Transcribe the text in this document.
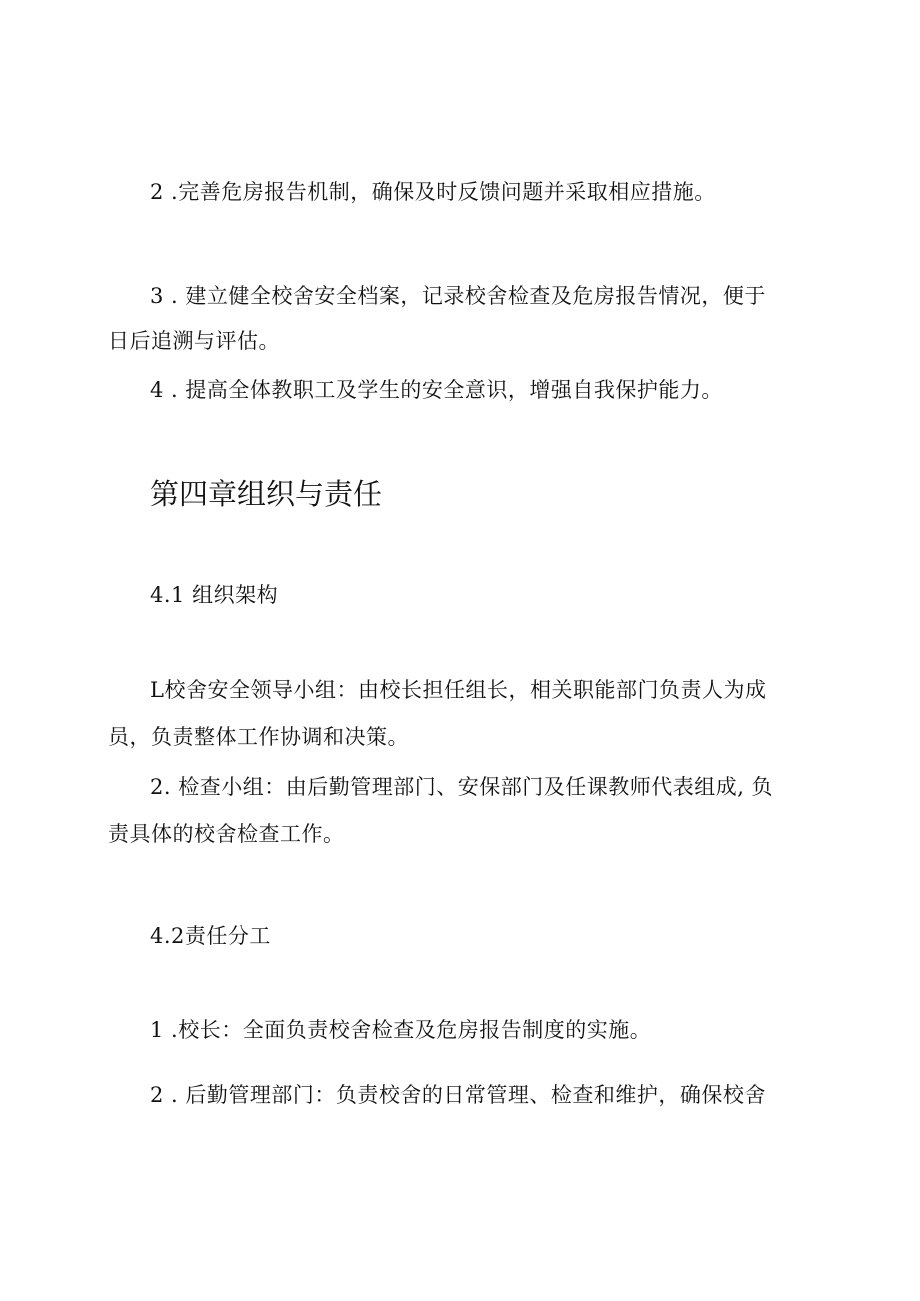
2 .完善危房报告机制，确保及时反馈问题并采取相应措施。

3 . 建立健全校舍安全档案，记录校舍检查及危房报告情况，便于

日后追溯与评估。

4 . 提高全体教职工及学生的安全意识，增强自我保护能力。

第四章组织与责任

4.1 组织架构

L校舍安全领导小组：由校长担任组长，相关职能部门负责人为成

员，负责整体工作协调和决策。

2. 检查小组：由后勤管理部门、安保部门及任课教师代表组成, 负

责具体的校舍检查工作。

4.2责任分工

1 .校长：全面负责校舍检查及危房报告制度的实施。

2 . 后勤管理部门：负责校舍的日常管理、检查和维护，确保校舍
